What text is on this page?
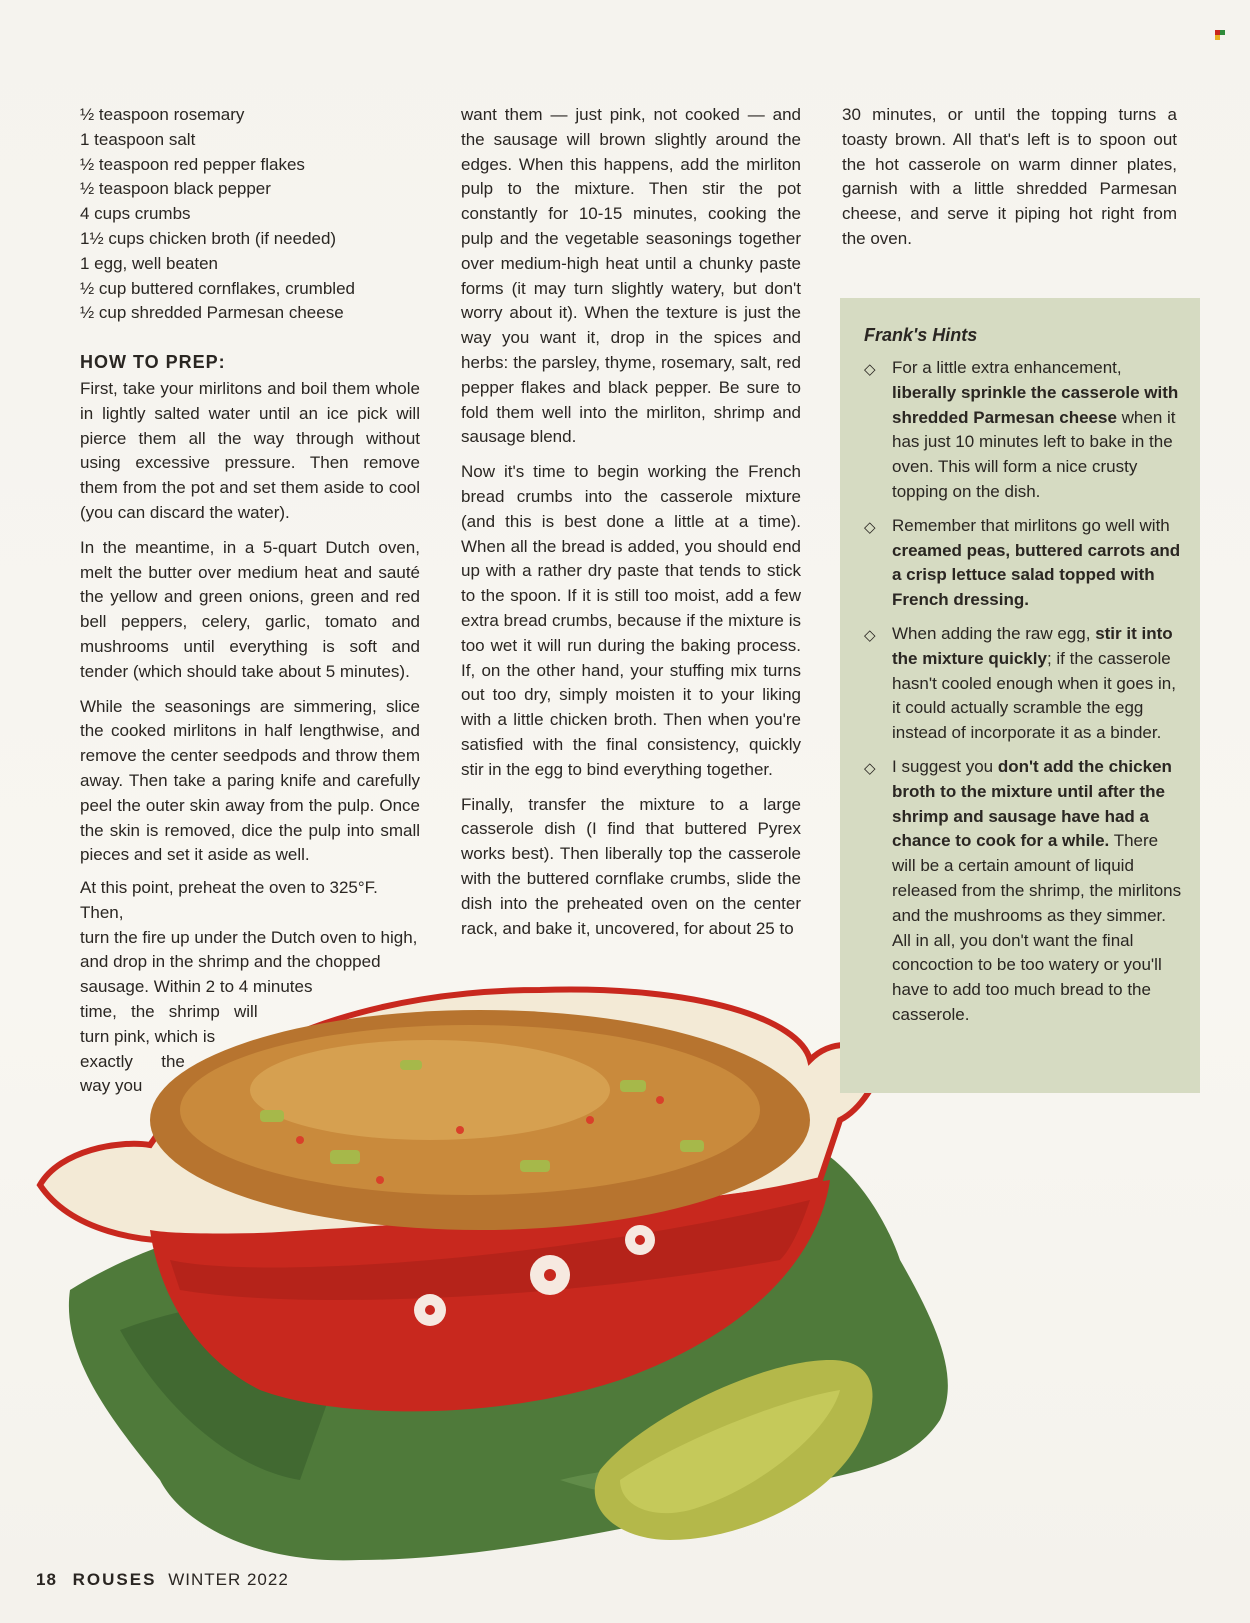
½ teaspoon rosemary
1 teaspoon salt
½ teaspoon red pepper flakes
½ teaspoon black pepper
4 cups crumbs
1½ cups chicken broth (if needed)
1 egg, well beaten
½ cup buttered cornflakes, crumbled
½ cup shredded Parmesan cheese
HOW TO PREP:

First, take your mirlitons and boil them whole in lightly salted water until an ice pick will pierce them all the way through without using excessive pressure. Then remove them from the pot and set them aside to cool (you can discard the water).

In the meantime, in a 5-quart Dutch oven, melt the butter over medium heat and sauté the yellow and green onions, green and red bell peppers, celery, garlic, tomato and mushrooms until everything is soft and tender (which should take about 5 minutes).

While the seasonings are simmering, slice the cooked mirlitons in half lengthwise, and remove the center seedpods and throw them away. Then take a paring knife and carefully peel the outer skin away from the pulp. Once the skin is removed, dice the pulp into small pieces and set it aside as well.

At this point, preheat the oven to 325°F. Then,
turn the fire up under the Dutch oven to high,
and drop in the shrimp and the chopped
sausage. Within 2 to 4 minutes
time,   the   shrimp   will
turn pink, which is
exactly      the
way you

want them — just pink, not cooked — and the sausage will brown slightly around the edges. When this happens, add the mirliton pulp to the mixture. Then stir the pot constantly for 10-15 minutes, cooking the pulp and the vegetable seasonings together over medium-high heat until a chunky paste forms (it may turn slightly watery, but don't worry about it). When the texture is just the way you want it, drop in the spices and herbs: the parsley, thyme, rosemary, salt, red pepper flakes and black pepper. Be sure to fold them well into the mirliton, shrimp and sausage blend.

Now it's time to begin working the French bread crumbs into the casserole mixture (and this is best done a little at a time). When all the bread is added, you should end up with a rather dry paste that tends to stick to the spoon. If it is still too moist, add a few extra bread crumbs, because if the mixture is too wet it will run during the baking process. If, on the other hand, your stuffing mix turns out too dry, simply moisten it to your liking with a little chicken broth. Then when you're satisfied with the final consistency, quickly stir in the egg to bind everything together.

Finally, transfer the mixture to a large casserole dish (I find that buttered Pyrex works best). Then liberally top the casserole with the buttered cornflake crumbs, slide the dish into the preheated oven on the center rack, and bake it, uncovered, for about 25 to

30 minutes, or until the topping turns a toasty brown. All that's left is to spoon out the hot casserole on warm dinner plates, garnish with a little shredded Parmesan cheese, and serve it piping hot right from the oven.

Frank's Hints
◇ For a little extra enhancement, liberally sprinkle the casserole with shredded Parmesan cheese when it has just 10 minutes left to bake in the oven. This will form a nice crusty topping on the dish.
◇ Remember that mirlitons go well with creamed peas, buttered carrots and a crisp lettuce salad topped with French dressing.
◇ When adding the raw egg, stir it into the mixture quickly; if the casserole hasn't cooled enough when it goes in, it could actually scramble the egg instead of incorporate it as a binder.
◇ I suggest you don't add the chicken broth to the mixture until after the shrimp and sausage have had a chance to cook for a while. There will be a certain amount of liquid released from the shrimp, the mirlitons and the mushrooms as they simmer. All in all, you don't want the final concoction to be too watery or you'll have to add too much bread to the casserole.
18 ROUSES WINTER 2022
